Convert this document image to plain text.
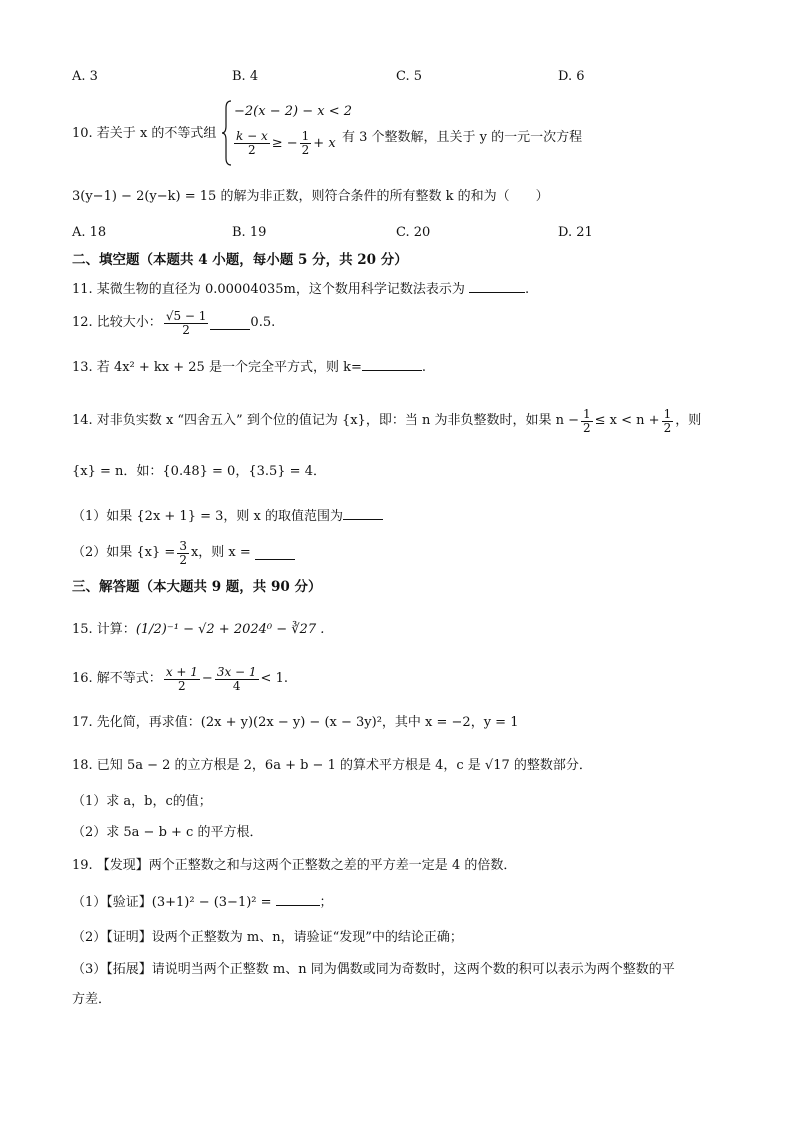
A. 3	B. 4	C. 5	D. 6
10. 若关于 x 的不等式组
−2(x − 2) − x < 2
$\frac{k - x}{2}$ ≥ − $\frac{1}{2} + x$ 有 3 个整数解，且关于 y 的一元一次方程
3(y−1) − 2(y−k) = 15 的解为非正数，则符合条件的所有整数 k 的和为（　　）
A. 18	B. 19	C. 20	D. 21
二、填空题（本题共 4 小题，每小题 5 分，共 20 分）
11. 某微生物的直径为 0.00004035m，这个数用科学记数法表示为	.
12. 比较大小： $\frac{√5 - 1}{2}$	0.5.
13. 若 4x² + kx + 25 是一个完全平方式，则 k=	.
14. 对非负实数 x “四舍五入” 到个位的值记为 {x}，即：当 n 为非负整数时，如果 $n - \frac{1}{2} \le x < n + \frac{1}{2}$ ，则
{x} = n．如：{0.48} = 0，{3.5} = 4．
（1）如果 {2x + 1} = 3，则 x 的取值范围为
（2）如果 $\{x\} = \frac{3}{2}$ x，则 x =
三、解答题（本大题共 9 题，共 90 分）
15. 计算：(1/2)⁻¹ − √2 + 2024⁰ − ∛27 .
16. 解不等式： $\frac{x + 1}{2} - \frac{3x - 1}{4} < 1$.
17. 先化简，再求值：(2x + y)(2x − y) − (x − 3y)²，其中 x = −2，y = 1
18. 已知 5a − 2 的立方根是 2，6a + b − 1 的算术平方根是 4，c 是 √17 的整数部分．
（1）求 a，b，c的值；
（2）求 5a − b + c 的平方根．
19. 【发现】两个正整数之和与这两个正整数之差的平方差一定是 4 的倍数．
（1）【验证】(3+1)² − (3−1)² =	；
（2）【证明】设两个正整数为 m、n，请验证“发现”中的结论正确；
（3）【拓展】请说明当两个正整数 m、n 同为偶数或同为奇数时，这两个数的积可以表示为两个整数的平
方差．
